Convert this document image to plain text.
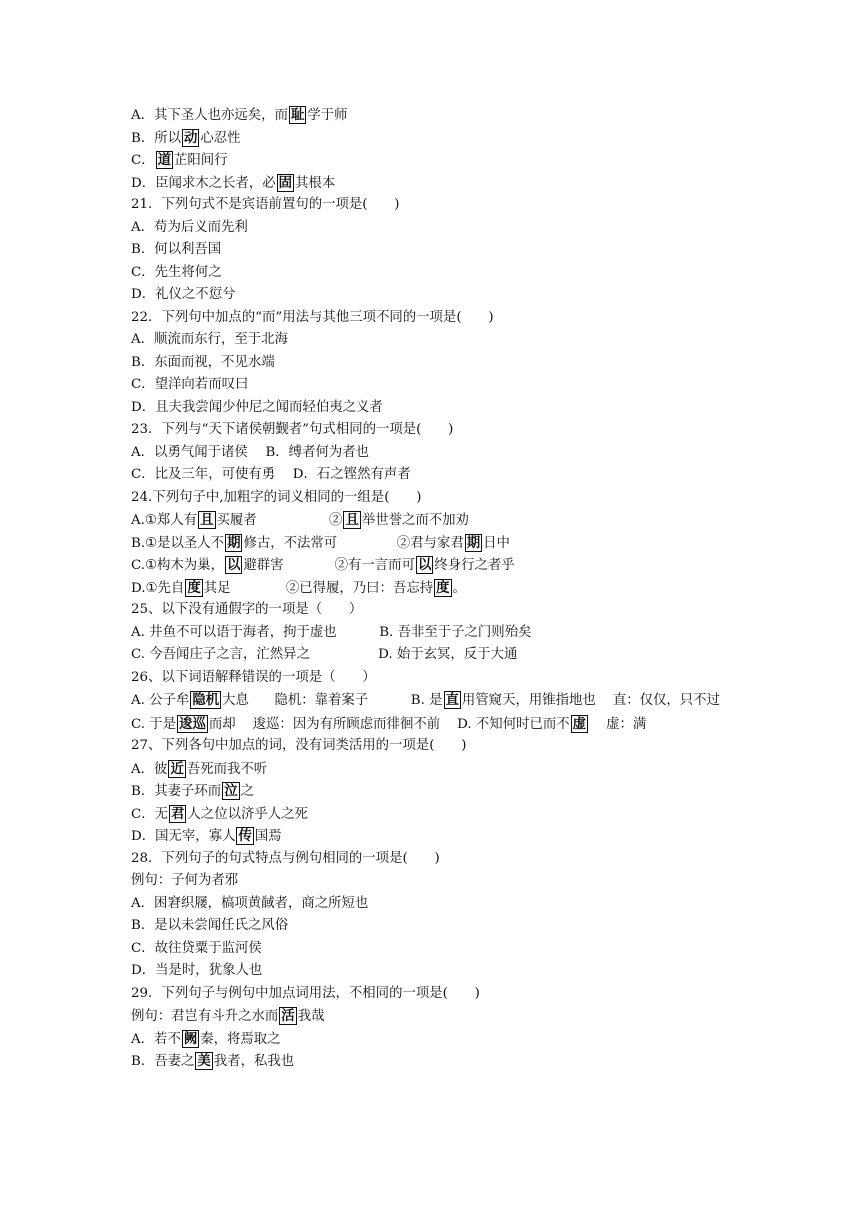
A．其下圣人也亦远矣，而 耻 学于师
B．所以 动 心忍性
C． 道 芷阳间行
D．臣闻求木之长者，必 固 其根本
21．下列句式不是宾语前置句的一项是(　　)
A．苟为后义而先利
B．何以利吾国
C．先生将何之
D．礼仪之不愆兮
22．下列句中加点的“而”用法与其他三项不同的一项是(　　)
A．顺流而东行，至于北海
B．东面而视，不见水端
C．望洋向若而叹曰
D．且夫我尝闻少仲尼之闻而轻伯夷之义者
23．下列与“天下诸侯朝觐者”句式相同的一项是(　　)
A．以勇气闻于诸侯　 B．缚者何为者也
C．比及三年，可使有勇　 D．石之铿然有声者
24.下列句子中,加粗字的词义相同的一组是(　　)
A.①郑人有 且 买履者                 ② 且 举世誉之而不加劝
B.①是以圣人不 期 修古，不法常可              ②君与家君 期 日中
C.①构木为巢， 以 避群害            ②有一言而可 以 终身行之者乎
D.①先自 度 其足             ②已得履，乃曰：吾忘持 度 。
25、以下没有通假字的一项是（　　）
A. 井鱼不可以语于海者，拘于虚也          B. 吾非至于子之门则殆矣
C. 今吾闻庄子之言，汒然异之                D. 始于玄冥，反于大通
26、以下词语解释错误的一项是（　　）
A. 公子牟 隐机 大息      隐机：靠着案子          B. 是 直 用管窥天，用锥指地也    直：仅仅，只不过
C. 于是 逡巡 而却    逡巡：因为有所顾虑而徘徊不前    D. 不知何时已而不 虚    虚：满
27、下列各句中加点的词，没有词类活用的一项是(　　)
A．彼 近 吾死而我不听
B．其妻子环而 泣 之
C．无 君 人之位以济乎人之死
D．国无宰，寡人 传 国焉
28．下列句子的句式特点与例句相同的一项是(　　)
例句：子何为者邪
A．困窘织屦，槁项黄馘者，商之所短也
B．是以未尝闻任氏之风俗
C．故往贷粟于监河侯
D．当是时，犹象人也
29．下列句子与例句中加点词用法，不相同的一项是(　　)
例句：君岂有斗升之水而 活 我哉
A．若不 阙 秦，将焉取之
B．吾妻之 美 我者，私我也
